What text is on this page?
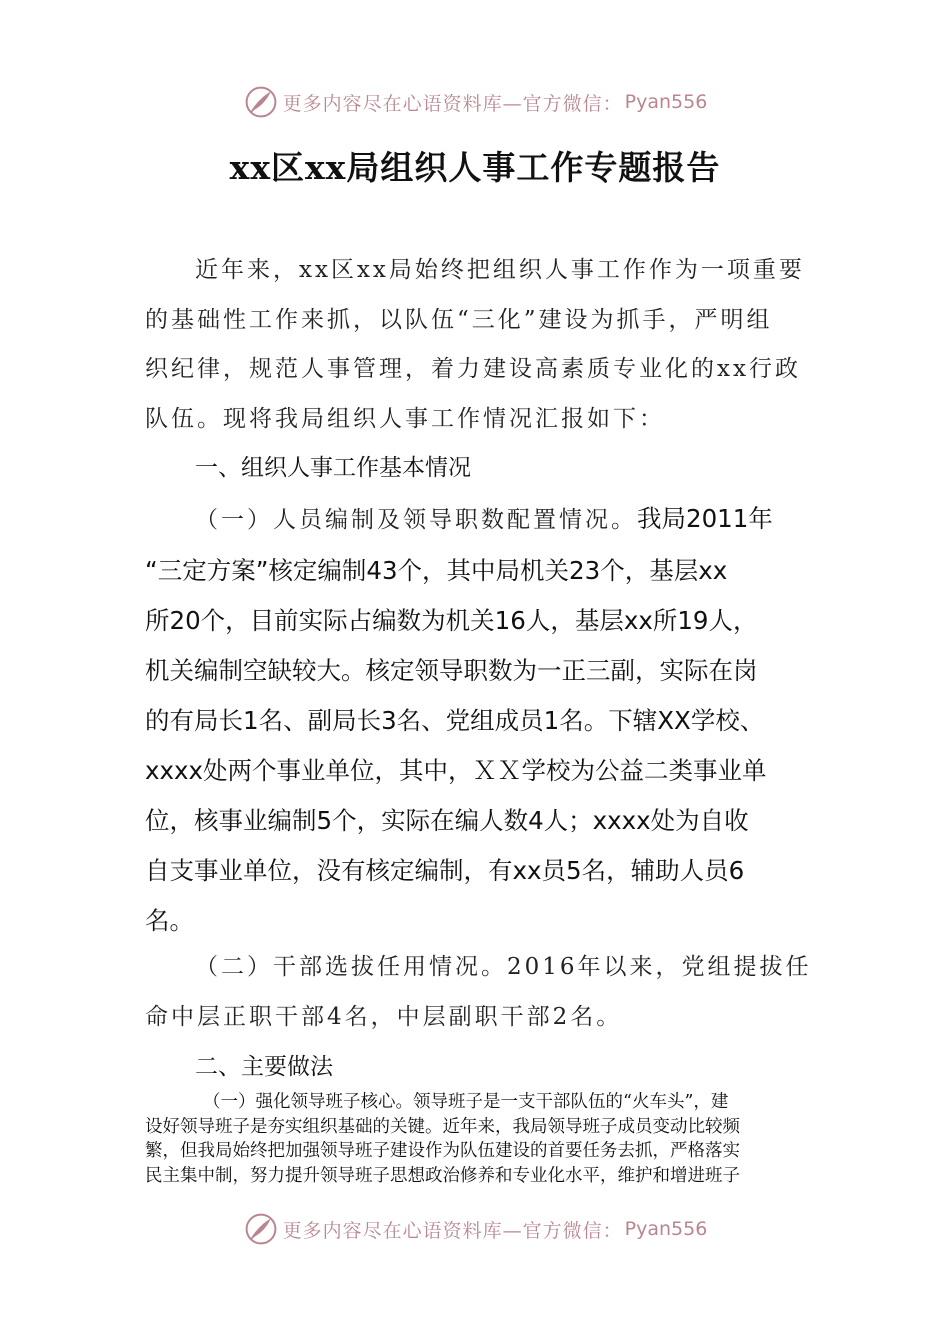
更多内容尽在心语资料库—官方微信： Pyan556
xx区xx局组织人事工作专题报告

近年来，xx区xx局始终把组织人事工作作为一项重要

的基础性工作来抓，以队伍“三化”建设为抓手，严明组

织纪律，规范人事管理，着力建设高素质专业化的xx行政

队伍。现将我局组织人事工作情况汇报如下：

一、组织人事工作基本情况

（一）人员编制及领导职数配置情况。我局2011年

“三定方案”核定编制43个，其中局机关23个，基层xx

所20个，目前实际占编数为机关16人，基层xx所19人，

机关编制空缺较大。核定领导职数为一正三副，实际在岗

的有局长1名、副局长3名、党组成员1名。下辖XX学校、

xxxx处两个事业单位，其中，ＸＸ学校为公益二类事业单

位，核事业编制5个，实际在编人数4人；xxxx处为自收

自支事业单位，没有核定编制，有xx员5名，辅助人员6

名。

（二）干部选拔任用情况。2016年以来，党组提拔任

命中层正职干部4名，中层副职干部2名。

二、主要做法

（一）强化领导班子核心。领导班子是一支干部队伍的“火车头”，建

设好领导班子是夯实组织基础的关键。近年来，我局领导班子成员变动比较频

繁，但我局始终把加强领导班子建设作为队伍建设的首要任务去抓，严格落实

民主集中制，努力提升领导班子思想政治修养和专业化水平，维护和增进班子

更多内容尽在心语资料库—官方微信： Pyan556
